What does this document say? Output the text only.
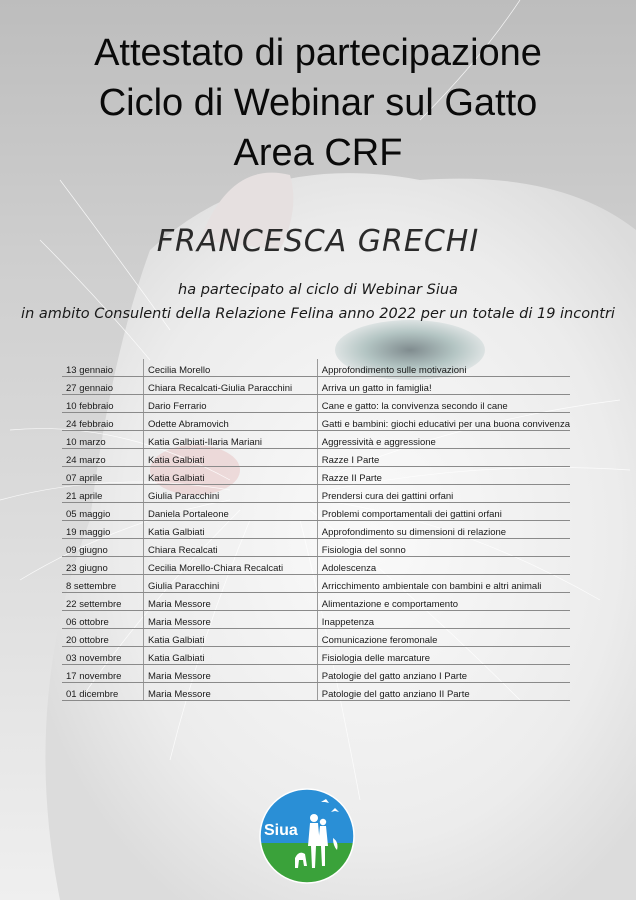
Attestato di partecipazione
Ciclo di Webinar sul Gatto
Area CRF
FRANCESCA GRECHI
ha partecipato al ciclo di Webinar Siua
in ambito Consulenti della Relazione Felina anno 2022 per un totale di 19 incontri
13 gennaio	Cecilia Morello	Approfondimento sulle motivazioni
27 gennaio	Chiara Recalcati-Giulia Paracchini	Arriva un gatto in famiglia!
10 febbraio	Dario Ferrario	Cane e gatto: la convivenza secondo il cane
24 febbraio	Odette Abramovich	Gatti e bambini: giochi educativi per una buona convivenza
10 marzo	Katia Galbiati-Ilaria Mariani	Aggressività e aggressione
24 marzo	Katia Galbiati	Razze I Parte
07 aprile	Katia Galbiati	Razze II Parte
21 aprile	Giulia Paracchini	Prendersi cura dei gattini orfani
05 maggio	Daniela Portaleone	Problemi comportamentali dei gattini orfani
19 maggio	Katia Galbiati	Approfondimento su dimensioni di relazione
09 giugno	Chiara Recalcati	Fisiologia del sonno
23 giugno	Cecilia Morello-Chiara Recalcati	Adolescenza
8 settembre	Giulia Paracchini	Arricchimento ambientale con bambini e altri animali
22 settembre	Maria Messore	Alimentazione e comportamento
06 ottobre	Maria Messore	Inappetenza
20 ottobre	Katia Galbiati	Comunicazione feromonale
03 novembre	Katia Galbiati	Fisiologia delle marcature
17 novembre	Maria Messore	Patologie del gatto anziano I Parte
01 dicembre	Maria Messore	Patologie del gatto anziano II Parte
Siua
